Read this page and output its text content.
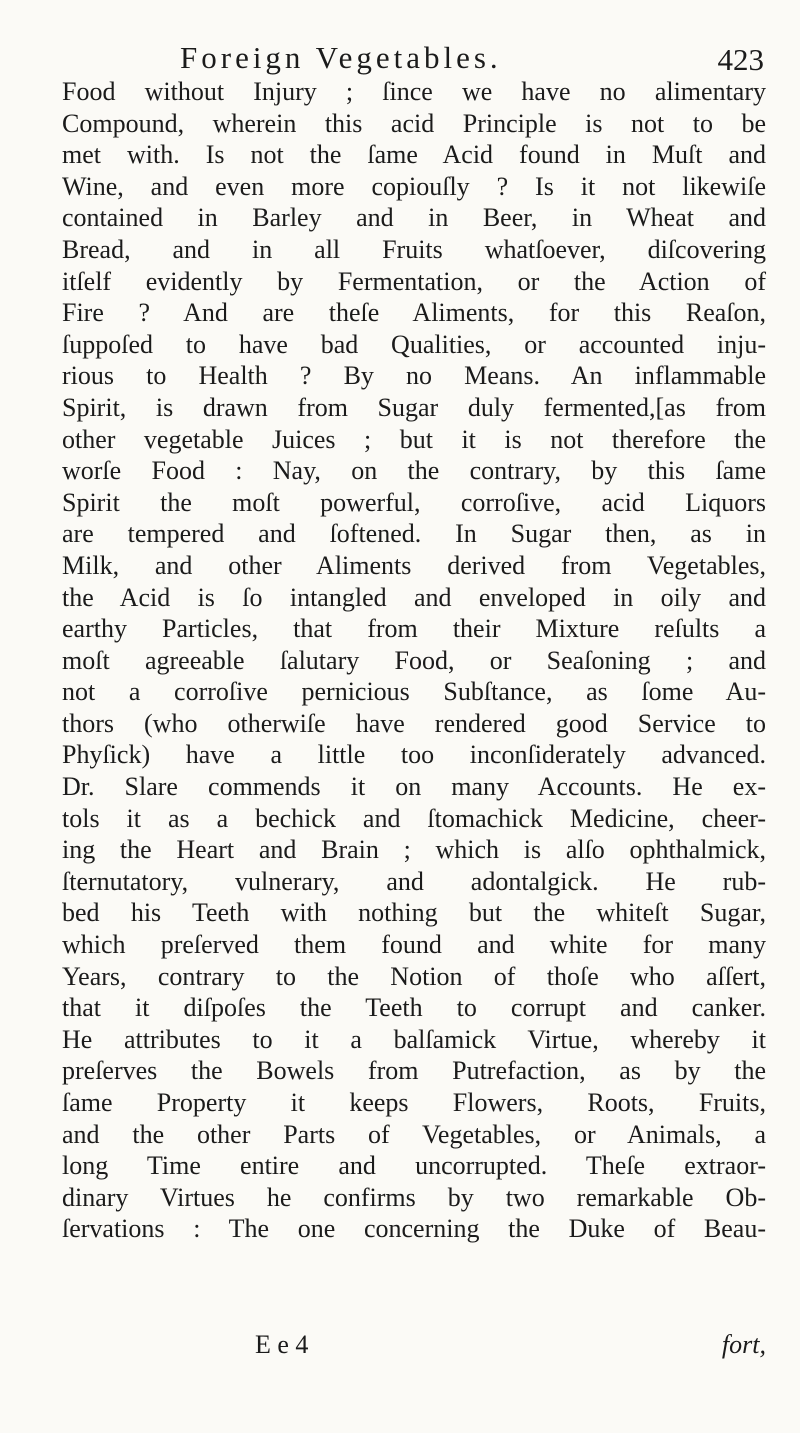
Foreign Vegetables.	423
Food without Injury ; ſince we have no alimentary
Compound, wherein this acid Principle is not to be
met with. Is not the ſame Acid found in Muſt and
Wine, and even more copiouſly ? Is it not likewiſe
contained in Barley and in Beer, in Wheat and
Bread, and in all Fruits whatſoever, diſcovering
itſelf evidently by Fermentation, or the Action of
Fire ? And are theſe Aliments, for this Reaſon,
ſuppoſed to have bad Qualities, or accounted inju-
rious to Health ? By no Means. An inflammable
Spirit, is drawn from Sugar duly fermented,[as from
other vegetable Juices ; but it is not therefore the
worſe Food : Nay, on the contrary, by this ſame
Spirit the moſt powerful, corroſive, acid Liquors
are tempered and ſoftened. In Sugar then, as in
Milk, and other Aliments derived from Vegetables,
the Acid is ſo intangled and enveloped in oily and
earthy Particles, that from their Mixture reſults a
moſt agreeable ſalutary Food, or Seaſoning ; and
not a corroſive pernicious Subſtance, as ſome Au-
thors (who otherwiſe have rendered good Service to
Phyſick) have a little too inconſiderately advanced.
Dr. Slare commends it on many Accounts. He ex-
tols it as a bechick and ſtomachick Medicine, cheer-
ing the Heart and Brain ; which is alſo ophthalmick,
ſternutatory, vulnerary, and adontalgick. He rub-
bed his Teeth with nothing but the whiteſt Sugar,
which preſerved them found and white for many
Years, contrary to the Notion of thoſe who aſſert,
that it diſpoſes the Teeth to corrupt and canker.
He attributes to it a balſamick Virtue, whereby it
preſerves the Bowels from Putrefaction, as by the
ſame Property it keeps Flowers, Roots, Fruits,
and the other Parts of Vegetables, or Animals, a
long Time entire and uncorrupted. Theſe extraor-
dinary Virtues he confirms by two remarkable Ob-
ſervations : The one concerning the Duke of Beau-
E e 4	fort,
